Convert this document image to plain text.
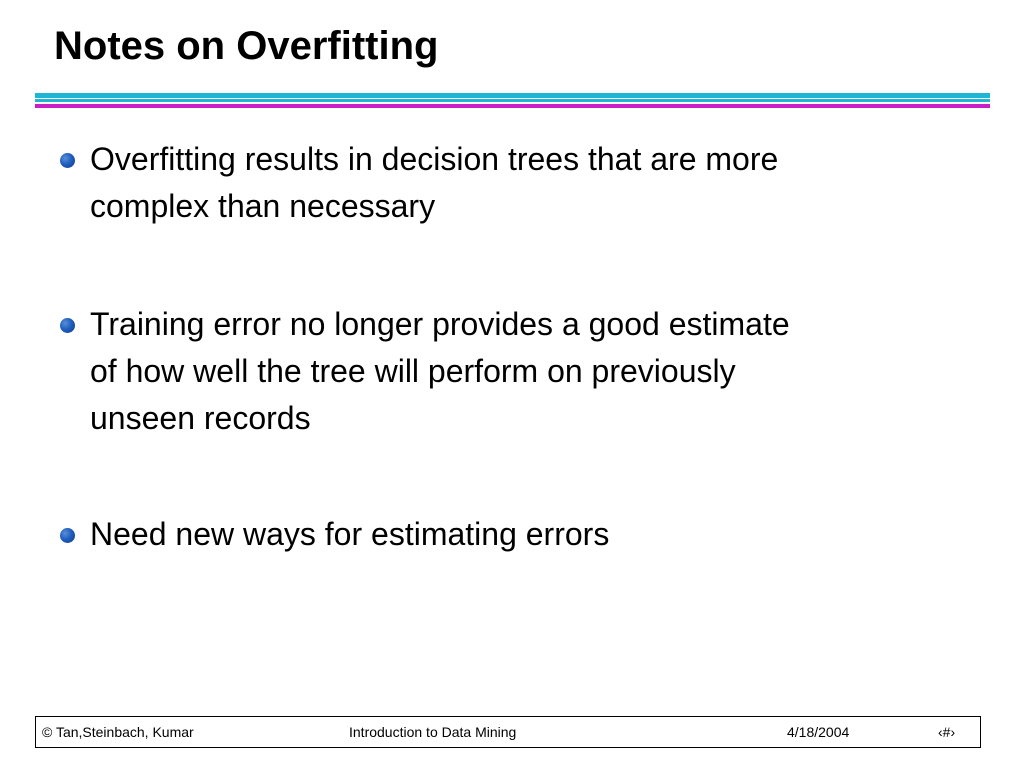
Notes on Overfitting
Overfitting results in decision trees that are more
complex than necessary
Training error no longer provides a good estimate
of how well the tree will perform on previously
unseen records
Need new ways for estimating errors
© Tan,Steinbach, Kumar	Introduction to Data Mining	4/18/2004	‹#›
